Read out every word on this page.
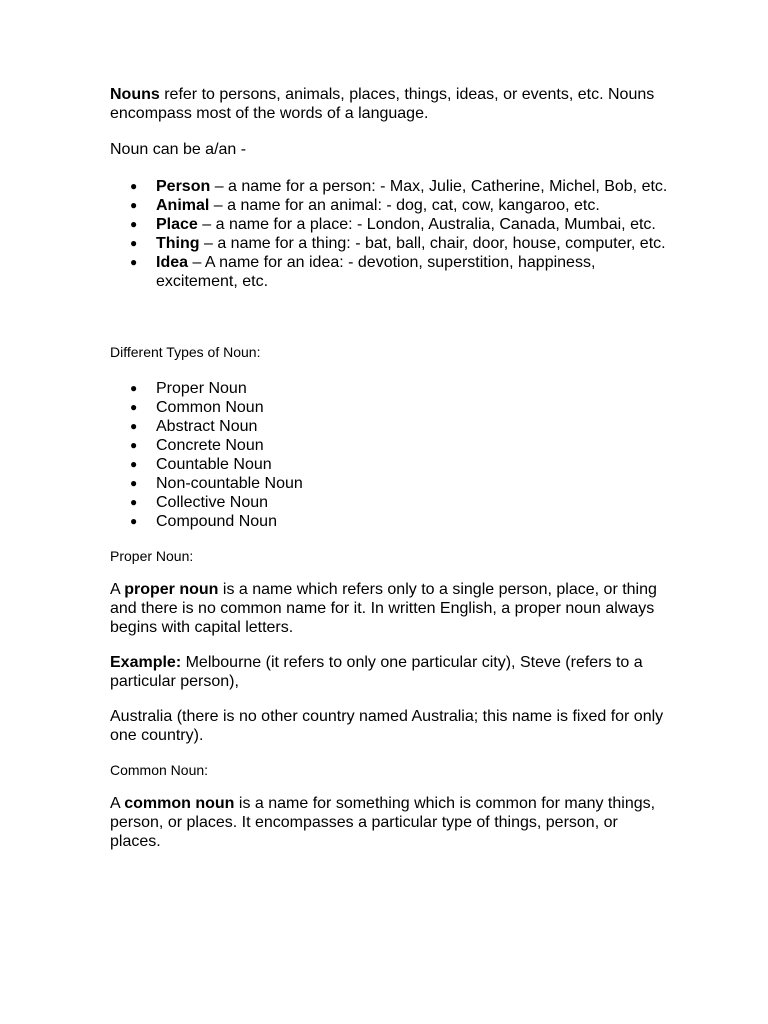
Nouns refer to persons, animals, places, things, ideas, or events, etc. Nouns encompass most of the words of a language.

Noun can be a/an -

● Person – a name for a person: - Max, Julie, Catherine, Michel, Bob, etc.
● Animal – a name for an animal: - dog, cat, cow, kangaroo, etc.
● Place – a name for a place: - London, Australia, Canada, Mumbai, etc.
● Thing – a name for a thing: - bat, ball, chair, door, house, computer, etc.
● Idea – A name for an idea: - devotion, superstition, happiness, excitement, etc.

Different Types of Noun:

● Proper Noun
● Common Noun
● Abstract Noun
● Concrete Noun
● Countable Noun
● Non-countable Noun
● Collective Noun
● Compound Noun

Proper Noun:

A proper noun is a name which refers only to a single person, place, or thing and there is no common name for it. In written English, a proper noun always begins with capital letters.

Example: Melbourne (it refers to only one particular city), Steve (refers to a particular person),

Australia (there is no other country named Australia; this name is fixed for only one country).

Common Noun:

A common noun is a name for something which is common for many things, person, or places. It encompasses a particular type of things, person, or places.
